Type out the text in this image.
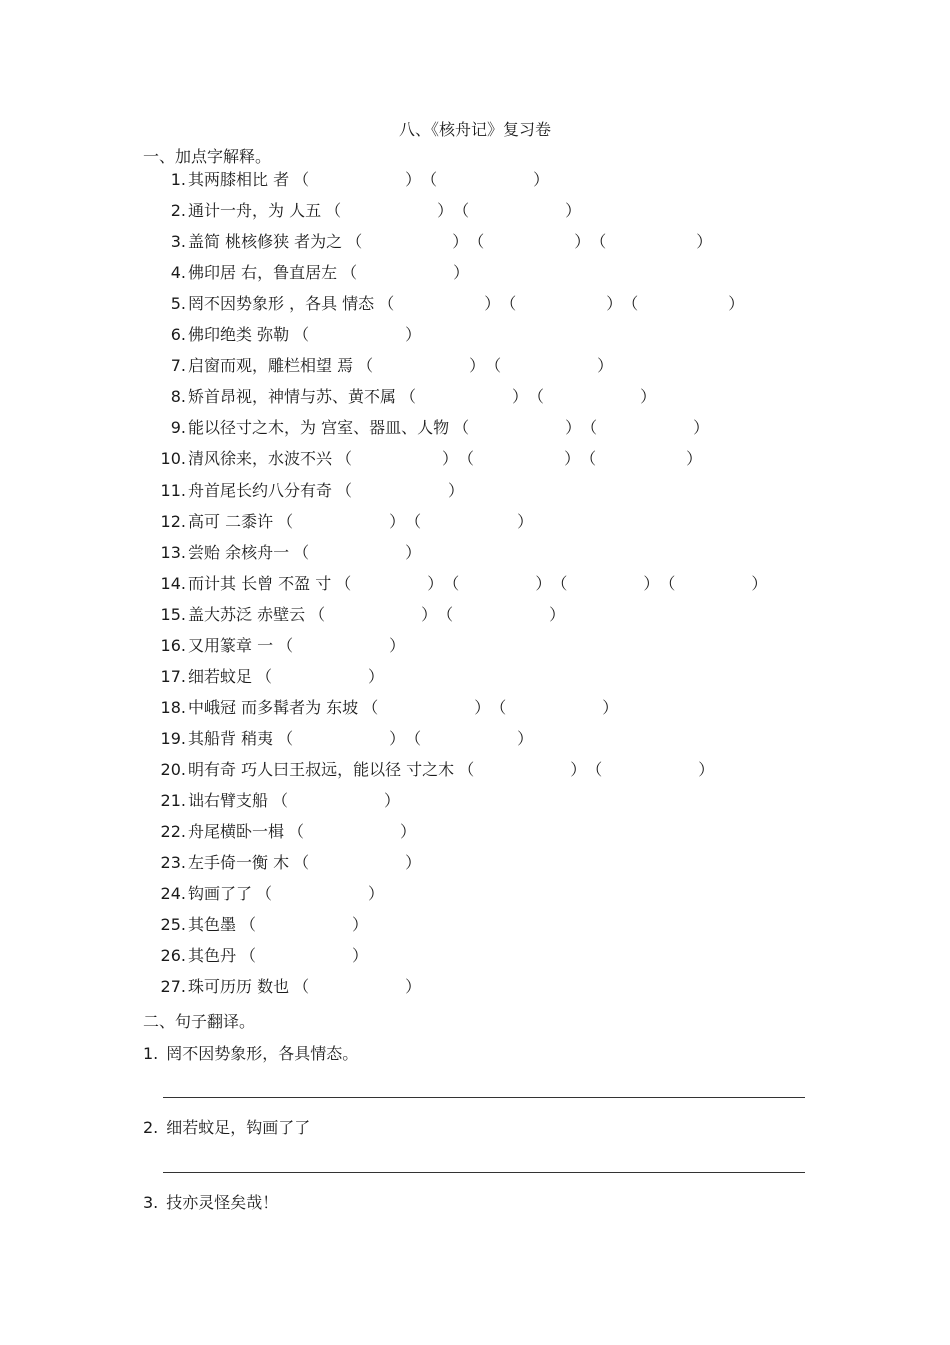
八、《核舟记》复习卷
一、加点字解释。
1. 其两膝相比 者 （	）（	）
2. 通计一舟，为 人五 （	）（	）
3. 盖简 桃核修狭 者为之 （	）（	）（	）
4. 佛印居 右，鲁直居左 （	）
5. 罔不因势象形 ，各具 情态 （	）（	）（	）
6. 佛印绝类 弥勒 （	）
7. 启窗而观，雕栏相望 焉 （	）（	）
8. 矫首昂视，神情与苏、黄不属 （	）（	）
9. 能以径寸之木，为 宫室、器皿、人物 （	）（	）
10. 清风徐来，水波不兴 （	）（	）（	）
11. 舟首尾长约八分有奇 （	）
12. 高可 二黍许 （	）（	）
13. 尝贻 余核舟一 （	）
14. 而计其 长曾 不盈 寸 （	）（	）（	）（	）
15. 盖大苏泛 赤壁云 （	）（	）
16. 又用篆章 一 （	）
17. 细若蚊足 （	）
18. 中峨冠 而多髯者为 东坡 （	）（	）
19. 其船背 稍夷 （	）（	）
20. 明有奇 巧人曰王叔远，能以径 寸之木 （	）（	）
21. 诎右臂支船 （	）
22. 舟尾横卧一楫 （	）
23. 左手倚一衡 木 （	）
24. 钩画了了 （	）
25. 其色墨 （	）
26. 其色丹 （	）
27. 珠可历历 数也 （	）
二、句子翻译。
1. 罔不因势象形，各具情态。
2. 细若蚊足，钩画了了
3. 技亦灵怪矣哉！
